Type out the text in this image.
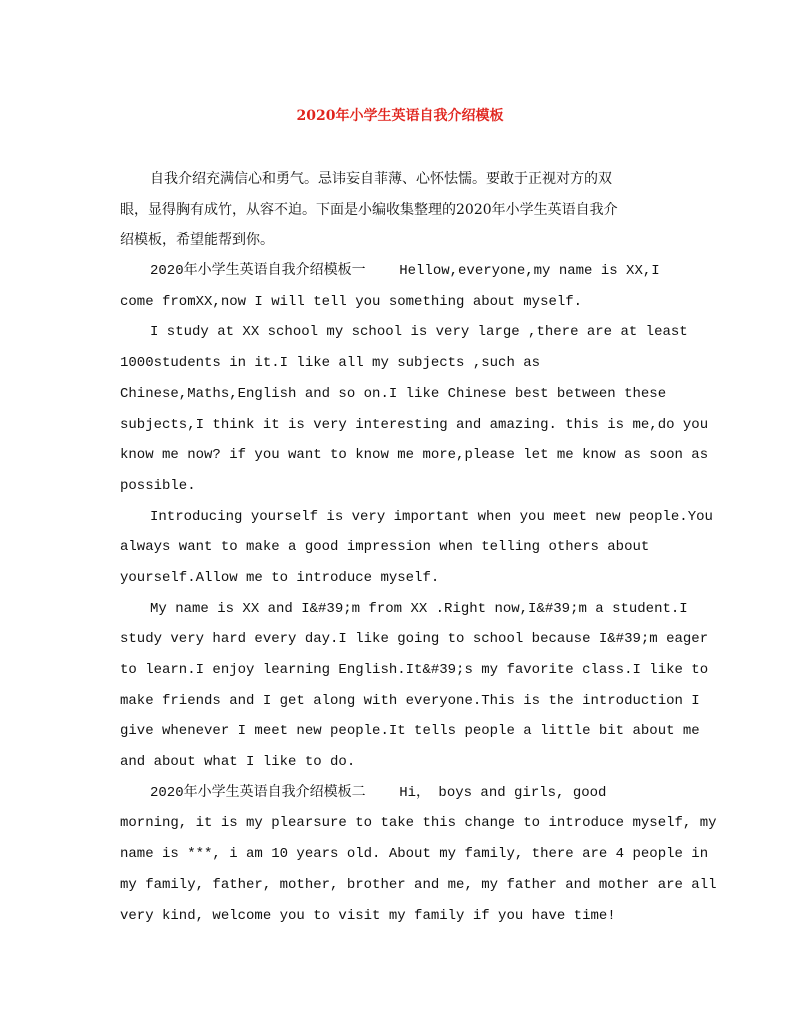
2020年小学生英语自我介绍模板
自我介绍充满信心和勇气。忌讳妄自菲薄、心怀怯懦。要敢于正视对方的双
眼，显得胸有成竹，从容不迫。下面是小编收集整理的2020年小学生英语自我介
绍模板，希望能帮到你。
2020年小学生英语自我介绍模板一    Hellow,everyone,my name is XX,I
come fromXX,now I will tell you something about myself.
I study at XX school my school is very large ,there are at least
1000students in it.I like all my subjects ,such as
Chinese,Maths,English and so on.I like Chinese best between these
subjects,I think it is very interesting and amazing. this is me,do you
know me now? if you want to know me more,please let me know as soon as
possible.
Introducing yourself is very important when you meet new people.You
always want to make a good impression when telling others about
yourself.Allow me to introduce myself.
My name is XX and I&#39;m from XX .Right now,I&#39;m a student.I
study very hard every day.I like going to school because I&#39;m eager
to learn.I enjoy learning English.It&#39;s my favorite class.I like to
make friends and I get along with everyone.This is the introduction I
give whenever I meet new people.It tells people a little bit about me
and about what I like to do.
2020年小学生英语自我介绍模板二    Hi， boys and girls, good
morning, it is my plearsure to take this change to introduce myself, my
name is ***, i am 10 years old. About my family, there are 4 people in
my family, father, mother, brother and me, my father and mother are all
very kind, welcome you to visit my family if you have time!
